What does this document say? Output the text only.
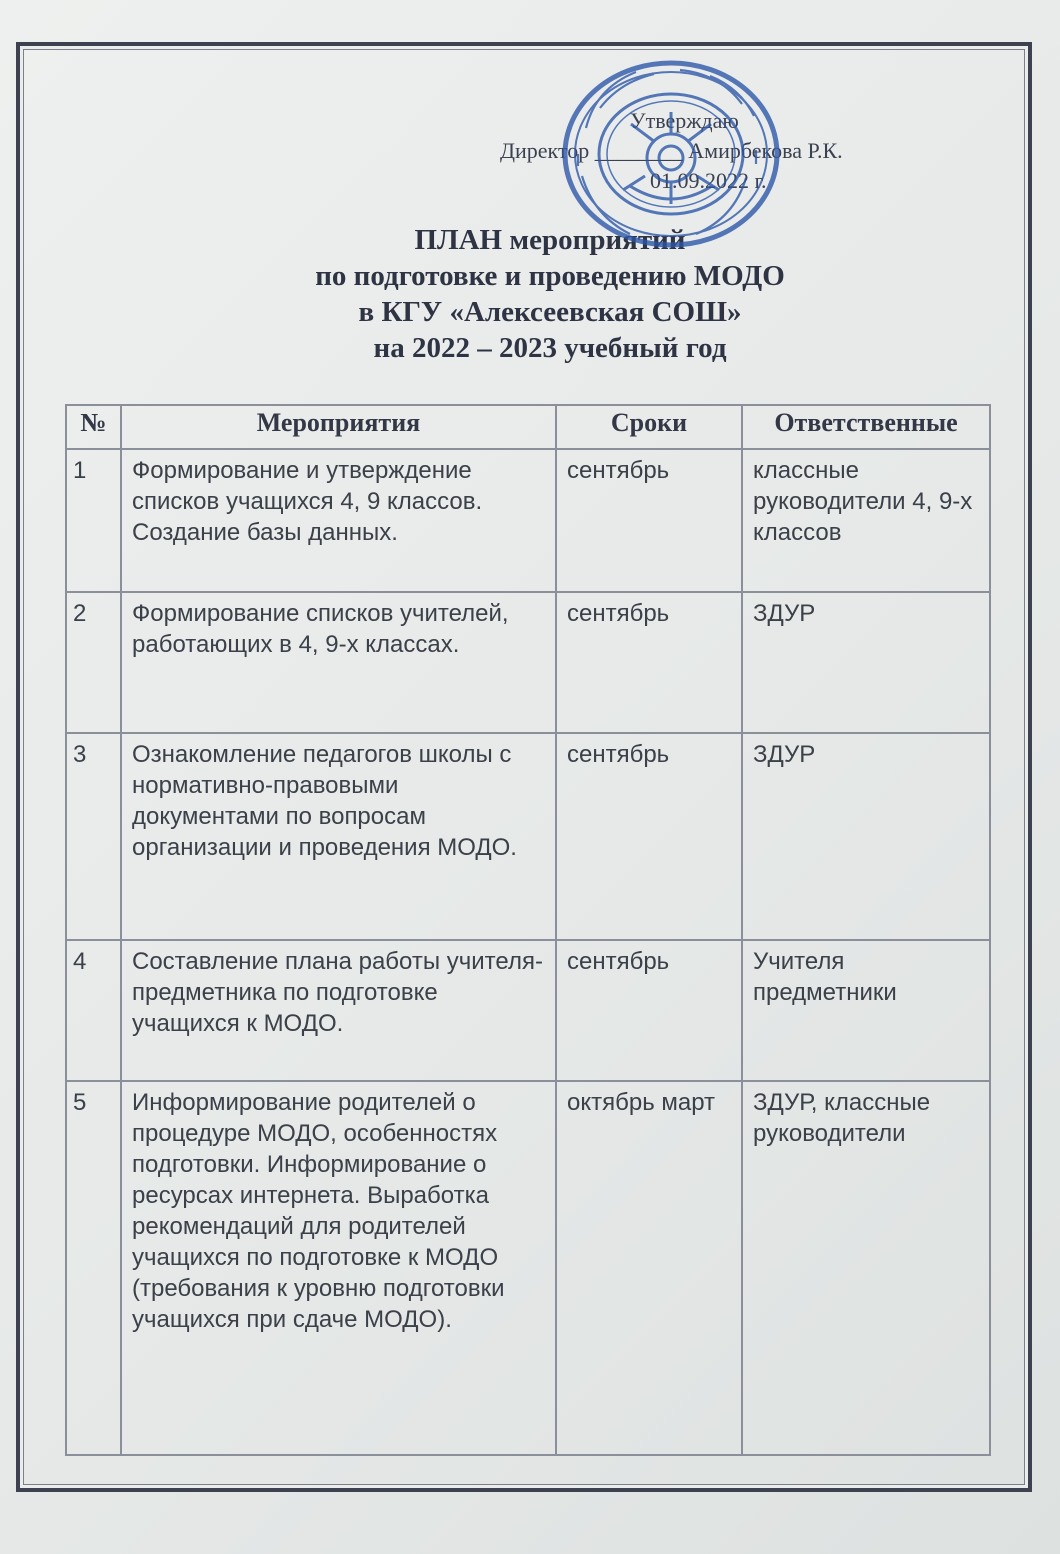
Утверждаю
Директор ________ Амирбекова Р.К.
01.09.2022 г.
ПЛАН мероприятий
по подготовке и проведению МОДО
в КГУ «Алексеевская СОШ»
на 2022 – 2023 учебный год
№	Мероприятия	Сроки	Ответственные
1	Формирование и утверждение списков учащихся 4, 9 классов. Создание базы данных.	сентябрь	классные руководители 4, 9-х классов
2	Формирование списков учителей, работающих в 4, 9-х классах.	сентябрь	ЗДУР
3	Ознакомление педагогов школы с нормативно-правовыми документами по вопросам организации и проведения МОДО.	сентябрь	ЗДУР
4	Составление плана работы учителя-предметника по подготовке учащихся к МОДО.	сентябрь	Учителя предметники
5	Информирование родителей о процедуре МОДО, особенностях подготовки. Информирование о ресурсах интернета. Выработка рекомендаций для родителей учащихся по подготовке к МОДО (требования к уровню подготовки учащихся при сдаче МОДО).	октябрь март	ЗДУР, классные руководители
